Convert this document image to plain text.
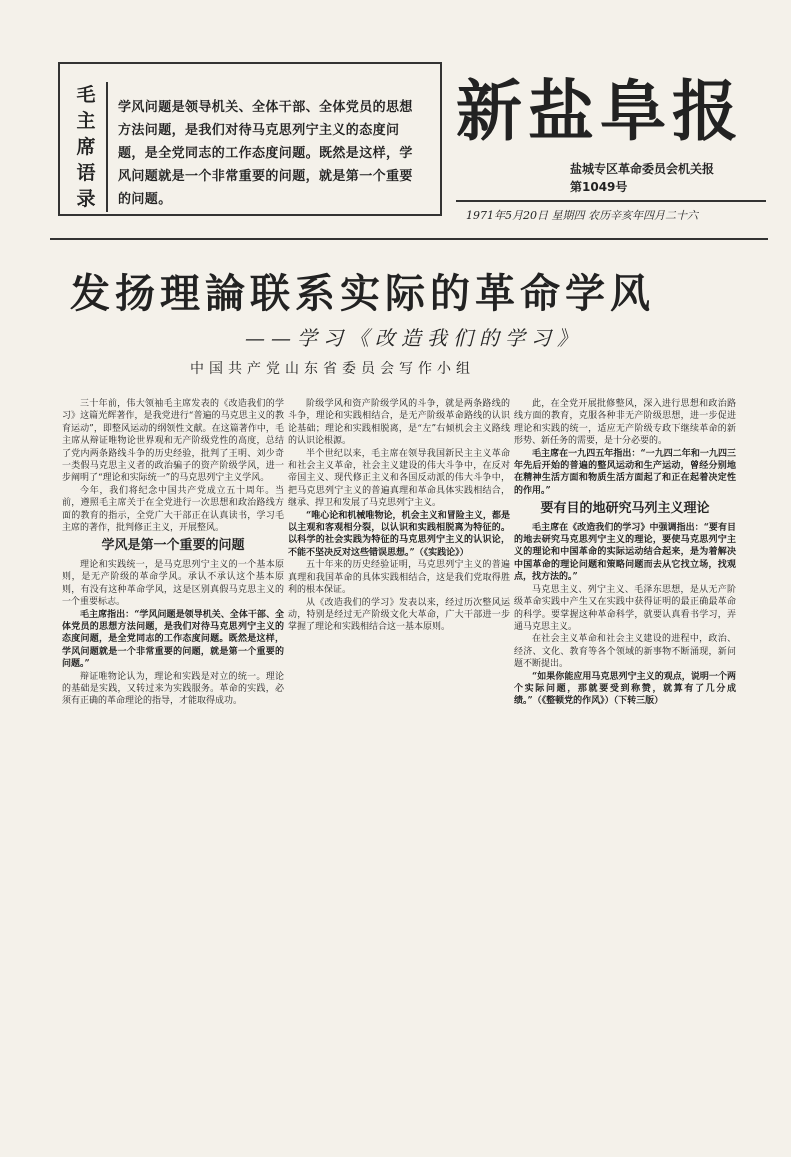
毛
主
席
语
录
学风问题是领导机关、全体干部、全体党员的思想方法问题，是我们对待马克思列宁主义的态度问题，是全党同志的工作态度问题。既然是这样，学风问题就是一个非常重要的问题，就是第一个重要的问题。
新盐阜报
盐城专区革命委员会机关报
第1049号
1971年5月20日 星期四 农历辛亥年四月二十六
发扬理論联系实际的革命学风
——学习《改造我们的学习》
中国共产党山东省委员会写作小组

三十年前，伟大领袖毛主席发表的《改造我们的学习》这篇光辉著作，是我党进行“普遍的马克思主义的教育运动”，即整风运动的纲领性文献。在这篇著作中，毛主席从辩证唯物论世界观和无产阶级党性的高度，总结了党内两条路线斗争的历史经验，批判了王明、刘少奇一类假马克思主义者的政治骗子的资产阶级学风，进一步阐明了“理论和实际统一”的马克思列宁主义学风。

今年，我们将纪念中国共产党成立五十周年。当前，遵照毛主席关于在全党进行一次思想和政治路线方面的教育的指示，全党广大干部正在认真读书，学习毛主席的著作，批判修正主义，开展整风。

学风是第一个重要的问题

理论和实践统一，是马克思列宁主义的一个基本原则，是无产阶级的革命学风。承认不承认这个基本原则，有没有这种革命学风，这是区别真假马克思主义的一个重要标志。

毛主席指出：“学风问题是领导机关、全体干部、全体党员的思想方法问题，是我们对待马克思列宁主义的态度问题，是全党同志的工作态度问题。既然是这样，学风问题就是一个非常重要的问题，就是第一个重要的问题。”

辩证唯物论认为，理论和实践是对立的统一。理论的基础是实践，又转过来为实践服务。革命的实践，必须有正确的革命理论的指导，才能取得成功。

阶级学风和资产阶级学风的斗争，就是两条路线的斗争，理论和实践相结合，是无产阶级革命路线的认识论基础；理论和实践相脱离，是“左”右倾机会主义路线的认识论根源。

半个世纪以来，毛主席在领导我国新民主主义革命和社会主义革命，社会主义建设的伟大斗争中，在反对帝国主义、现代修正主义和各国反动派的伟大斗争中，把马克思列宁主义的普遍真理和革命具体实践相结合，继承、捍卫和发展了马克思列宁主义。

“唯心论和机械唯物论，机会主义和冒险主义，都是以主观和客观相分裂，以认识和实践相脱离为特征的。以科学的社会实践为特征的马克思列宁主义的认识论，不能不坚决反对这些错误思想。”（《实践论》）

五十年来的历史经验证明，马克思列宁主义的普遍真理和我国革命的具体实践相结合，这是我们党取得胜利的根本保证。

从《改造我们的学习》发表以来，经过历次整风运动，特别是经过无产阶级文化大革命，广大干部进一步掌握了理论和实践相结合这一基本原则。

此，在全党开展批修整风，深入进行思想和政治路线方面的教育，克服各种非无产阶级思想，进一步促进理论和实践的统一，适应无产阶级专政下继续革命的新形势、新任务的需要，是十分必要的。

毛主席在一九四五年指出：“一九四二年和一九四三年先后开始的普遍的整风运动和生产运动，曾经分别地在精神生活方面和物质生活方面起了和正在起着决定性的作用。”

要有目的地研究马列主义理论

毛主席在《改造我们的学习》中强调指出：“要有目的地去研究马克思列宁主义的理论，要使马克思列宁主义的理论和中国革命的实际运动结合起来，是为着解决中国革命的理论问题和策略问题而去从它找立场，找观点，找方法的。”

马克思主义、列宁主义、毛泽东思想，是从无产阶级革命实践中产生又在实践中获得证明的最正确最革命的科学。要掌握这种革命科学，就要认真看书学习，弄通马克思主义。

在社会主义革命和社会主义建设的进程中，政治、经济、文化、教育等各个领域的新事物不断涌现，新问题不断提出。

“如果你能应用马克思列宁主义的观点，说明一个两个实际问题，那就要受到称赞，就算有了几分成绩。”（《整顿党的作风》）（下转三版）
